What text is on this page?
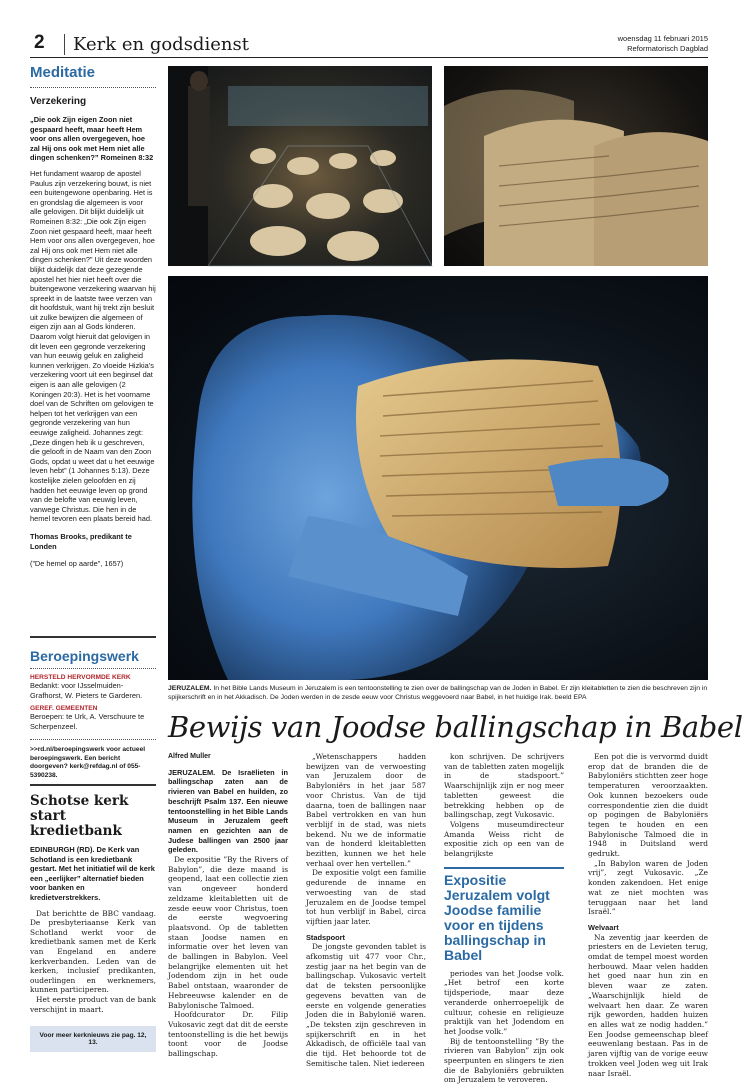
2	Kerk en godsdienst	woensdag 11 februari 2015
Reformatorisch Dagblad
Meditatie
Verzekering
„Die ook Zijn eigen Zoon niet gespaard heeft, maar heeft Hem voor ons allen overgegeven, hoe zal Hij ons ook met Hem niet alle dingen schenken?” Romeinen 8:32
Het fundament waarop de apostel Paulus zijn verzekering bouwt, is niet een buitengewone openbaring. Het is en grondslag die algemeen is voor alle gelovigen. Dit blijkt duidelijk uit Romeinen 8:32: „Die ook Zijn eigen Zoon niet gespaard heeft, maar heeft Hem voor ons allen overgegeven, hoe zal Hij ons ook met Hem niet alle dingen schenken?” Uit deze woorden blijkt duidelijk dat deze gezegende apostel het hier niet heeft over die buitengewone verzekering waarvan hij spreekt in de laatste twee verzen van dit hoofdstuk, want hij trekt zijn besluit uit zulke bewijzen die algemeen of eigen zijn aan al Gods kinderen. Daarom volgt hieruit dat gelovigen in dit leven een gegronde verzekering van hun eeuwig geluk en zaligheid kunnen verkrijgen. Zo vloeide Hizkia’s verzekering voort uit een beginsel dat eigen is aan alle gelovigen (2 Koningen 20:3). Het is het voorname doel van de Schriften om gelovigen te helpen tot het verkrijgen van een gegronde verzekering van hun eeuwige zaligheid. Johannes zegt: „Deze dingen heb ik u geschreven, die gelooft in de Naam van den Zoon Gods, opdat u weet dat u het eeuwige leven hebt” (1 Johannes 5:13). Deze kostelijke zielen geloofden en zij hadden het eeuwige leven op grond van de belofte van eeuwig leven, vanwege Christus. Die hen in de hemel tevoren een plaats bereid had.
Thomas Brooks, predikant te Londen
(”De hemel op aarde”, 1657)
Beroepingswerk
HERSTELD HERVORMDE KERK
Bedankt: voor IJsselmuiden-Grafhorst, W. Pieters te Garderen.
GEREF. GEMEENTEN
Beroepen: te Urk, A. Verschuure te Scherpenzeel.
>>rd.nl/beroepingswerk voor actueel beroepingswerk. Een bericht doorgeven? kerk@refdag.nl of 055-5390238.
Schotse kerk start kredietbank
EDINBURGH (RD). De Kerk van Schotland is een kredietbank gestart. Met het initiatief wil de kerk een „eerlijker” alternatief bieden voor banken en kredietverstrekkers.

Dat berichtte de BBC vandaag. De presbyteriaanse Kerk van Schotland werkt voor de kredietbank samen met de Kerk van Engeland en andere kerkverbanden. Leden van de kerken, inclusief predikanten, ouderlingen en werknemers, kunnen participeren.

Het eerste product van de bank verschijnt in maart.

Voor meer kerknieuws zie pag. 12, 13.
JERUZALEM. In het Bible Lands Museum in Jeruzalem is een tentoonstelling te zien over de ballingschap van de Joden in Babel. Er zijn kleitabletten te zien die beschreven zijn in spijkerschrift en in het Akkadisch. De Joden werden in de zesde eeuw voor Christus weggevoerd naar Babel, in het huidige Irak. beeld EPA
Bewijs van Joodse ballingschap in Babel

Alfred Muller

JERUZALEM. De Israëlieten in ballingschap zaten aan de rivieren van Babel en huilden, zo beschrijft Psalm 137. Een nieuwe tentoonstelling in het Bible Lands Museum in Jeruzalem geeft namen en gezichten aan de Judese ballingen van 2500 jaar geleden.

De expositie ”By the Rivers of Babylon”, die deze maand is geopend, laat een collectie zien van ongeveer honderd zeldzame kleitabletten uit de zesde eeuw voor Christus, toen de eerste wegvoering plaatsvond. Op de tabletten staan Joodse namen en informatie over het leven van de ballingen in Babylon. Veel belangrijke elementen uit het Jodendom zijn in het oude Babel ontstaan, waaronder de Hebreeuwse kalender en de Babylonische Talmoed.

Hoofdcurator Dr. Filip Vukosavic zegt dat dit de eerste tentoonstelling is die het bewijs toont voor de Joodse ballingschap.

„Wetenschappers hadden bewijzen van de verwoesting van Jeruzalem door de Babyloniërs in het jaar 587 voor Christus. Van de tijd daarna, toen de ballingen naar Babel vertrokken en van hun verblijf in de stad, was niets bekend. Nu we de informatie van de honderd kleitabletten bezitten, kunnen we het hele verhaal over hen vertellen.”

De expositie volgt een familie gedurende de inname en verwoesting van de stad Jeruzalem en de Joodse tempel tot hun verblijf in Babel, circa vijftien jaar later.

Stadspoort

De jongste gevonden tablet is afkomstig uit 477 voor Chr., zestig jaar na het begin van de ballingschap. Vukosavic vertelt dat de teksten persoonlijke gegevens bevatten van de eerste en volgende generaties Joden die in Babylonië waren. „De teksten zijn geschreven in spijkerschrift en in het Akkadisch, de officiële taal van die tijd. Het behoorde tot de Semitische talen. Niet iedereen

kon schrijven. De schrijvers van de tabletten zaten mogelijk in de stadspoort.” Waarschijnlijk zijn er nog meer tabletten geweest die betrekking hebben op de ballingschap, zegt Vukosavic.

Volgens museumdirecteur Amanda Weiss richt de expositie zich op een van de belangrijkste

Expositie Jeruzalem volgt Joodse familie voor en tijdens ballingschap in Babel

periodes van het Joodse volk. „Het betrof een korte tijdsperiode, maar deze veranderde onherroepelijk de cultuur, cohesie en religieuze praktijk van het Jodendom en het Joodse volk.”

Bij de tentoonstelling ”By the rivieren van Babylon” zijn ook speerpunten en slingers te zien die de Babyloniërs gebruikten om Jeruzalem te veroveren.

Een pot die is vervormd duidt erop dat de branden die de Babyloniërs stichtten zeer hoge temperaturen veroorzaakten. Ook kunnen bezoekers oude correspondentie zien die duidt op pogingen de Babyloniërs tegen te houden en een Babylonische Talmoed die in 1948 in Duitsland werd gedrukt.

„In Babylon waren de Joden vrij”, zegt Vukosavic. „Ze konden zakendoen. Het enige wat ze niet mochten was teruggaan naar het land Israël.”

Welvaart

Na zeventig jaar keerden de priesters en de Levieten terug, omdat de tempel moest worden herbouwd. Maar velen hadden het goed naar hun zin en bleven waar ze zaten. „Waarschijnlijk hield de welvaart hen daar. Ze waren rijk geworden, hadden huizen en alles wat ze nodig hadden.” Een Joodse gemeenschap bleef eeuwenlang bestaan. Pas in de jaren vijftig van de vorige eeuw trokken veel Joden weg uit Irak naar Israël.
